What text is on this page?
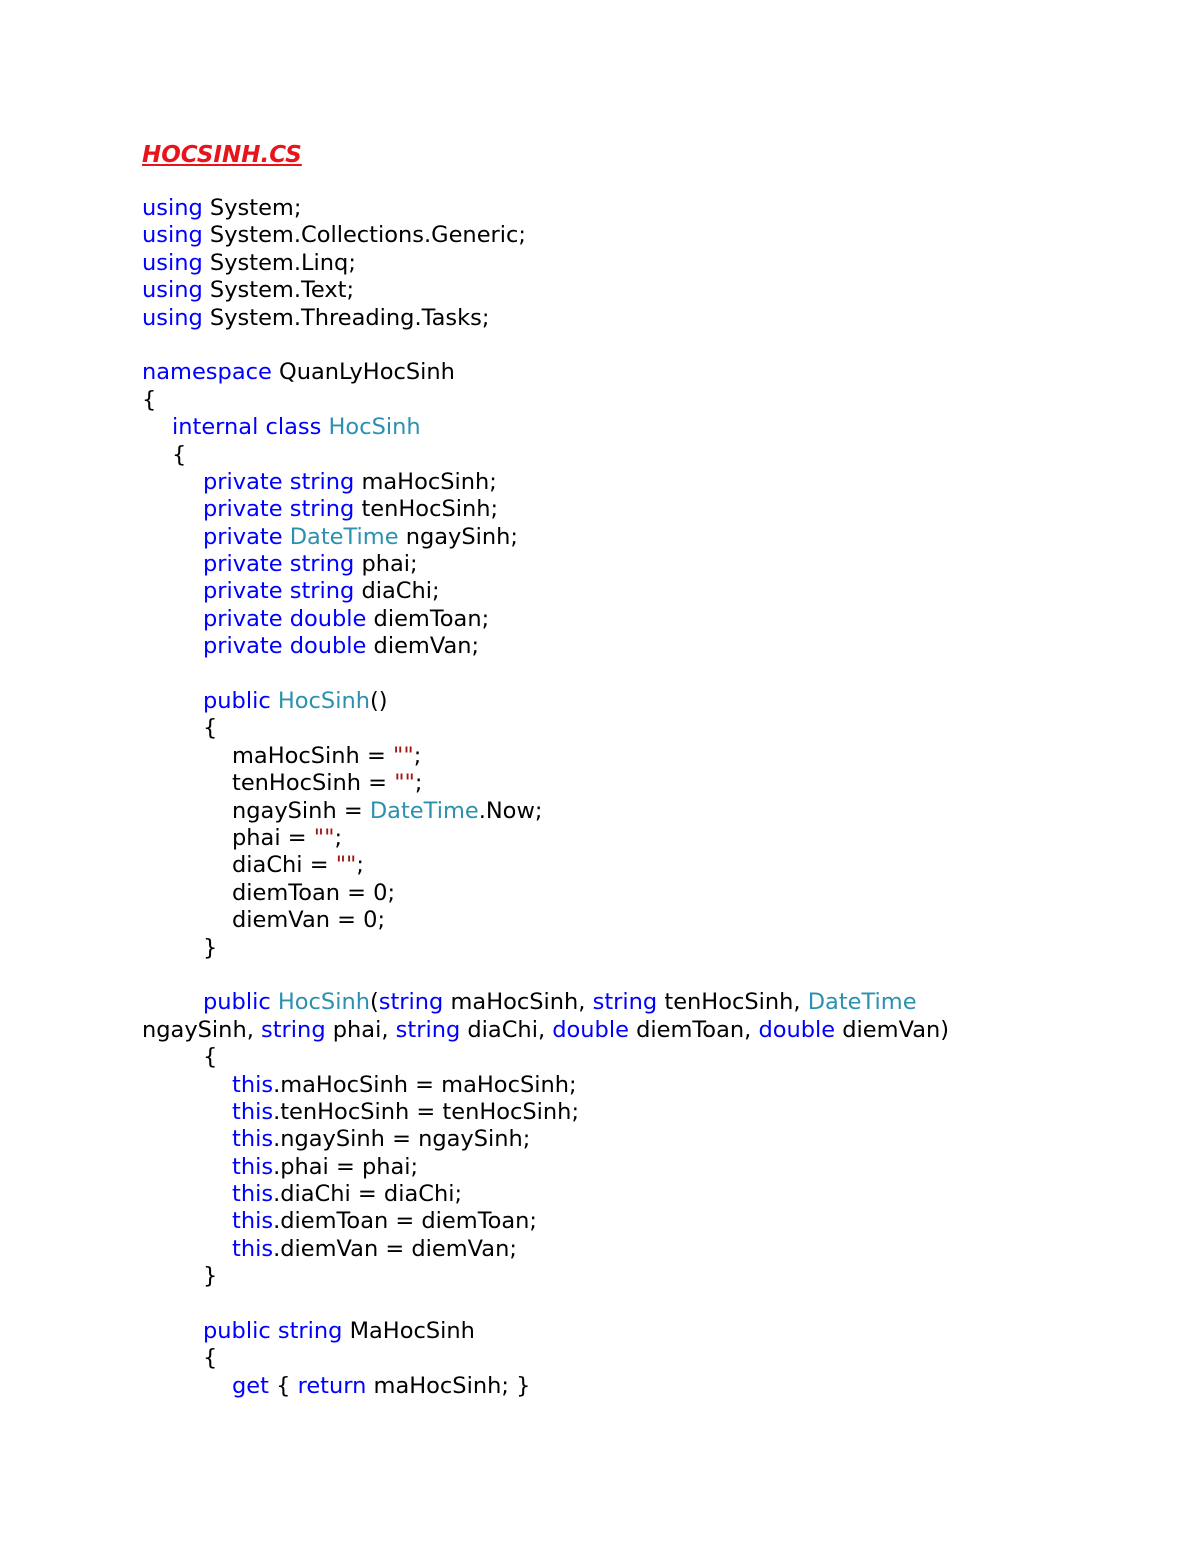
HOCSINH.CS
using System;
using System.Collections.Generic;
using System.Linq;
using System.Text;
using System.Threading.Tasks;
namespace QuanLyHocSinh
{
internal class HocSinh
{
private string maHocSinh;
private string tenHocSinh;
private DateTime ngaySinh;
private string phai;
private string diaChi;
private double diemToan;
private double diemVan;
public HocSinh()
{
maHocSinh = "";
tenHocSinh = "";
ngaySinh = DateTime.Now;
phai = "";
diaChi = "";
diemToan = 0;
diemVan = 0;
}
public HocSinh(string maHocSinh, string tenHocSinh, DateTime
ngaySinh, string phai, string diaChi, double diemToan, double diemVan)
{
this.maHocSinh = maHocSinh;
this.tenHocSinh = tenHocSinh;
this.ngaySinh = ngaySinh;
this.phai = phai;
this.diaChi = diaChi;
this.diemToan = diemToan;
this.diemVan = diemVan;
}
public string MaHocSinh
{
get { return maHocSinh; }
